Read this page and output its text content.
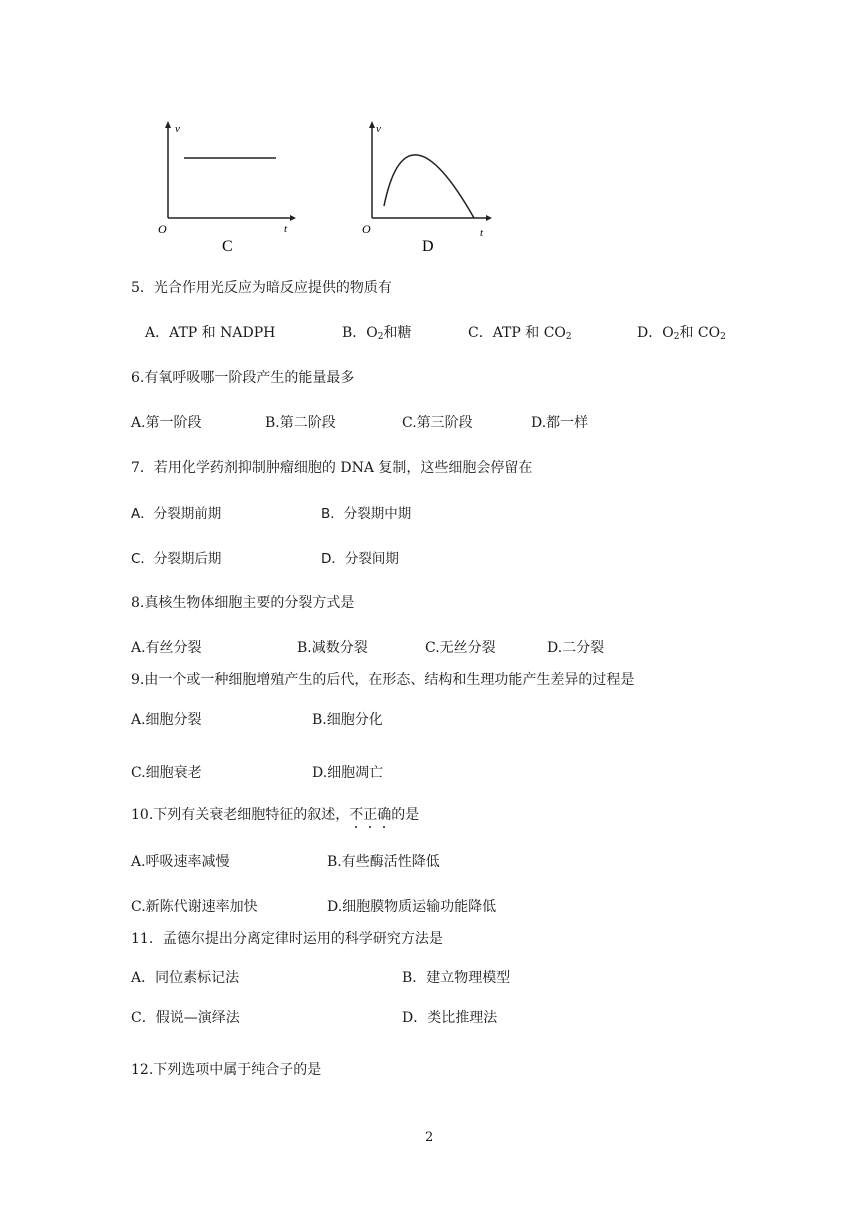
v
t
O
C
v
t
O
D
5．光合作用光反应为暗反应提供的物质有
A．ATP 和 NADPH	B．$O_2$和糖	C．ATP 和 $CO_2$	D．$O_2$和 $CO_2$
6.有氧呼吸哪一阶段产生的能量最多
A.第一阶段	B.第二阶段	C.第三阶段	D.都一样
7．若用化学药剂抑制肿瘤细胞的 DNA 复制，这些细胞会停留在
A．分裂期前期	B．分裂期中期
C．分裂期后期	D．分裂间期
8.真核生物体细胞主要的分裂方式是
A.有丝分裂	B.减数分裂	C.无丝分裂	D.二分裂
9.由一个或一种细胞增殖产生的后代，在形态、结构和生理功能产生差异的过程是
A.细胞分裂	B.细胞分化
C.细胞衰老	D.细胞凋亡
10.下列有关衰老细胞特征的叙述，不正确的是
A.呼吸速率减慢	B.有些酶活性降低
C.新陈代谢速率加快	D.细胞膜物质运输功能降低
11．孟德尔提出分离定律时运用的科学研究方法是
A．同位素标记法	B．建立物理模型
C．假说—演绎法	D．类比推理法
12.下列选项中属于纯合子的是
2
